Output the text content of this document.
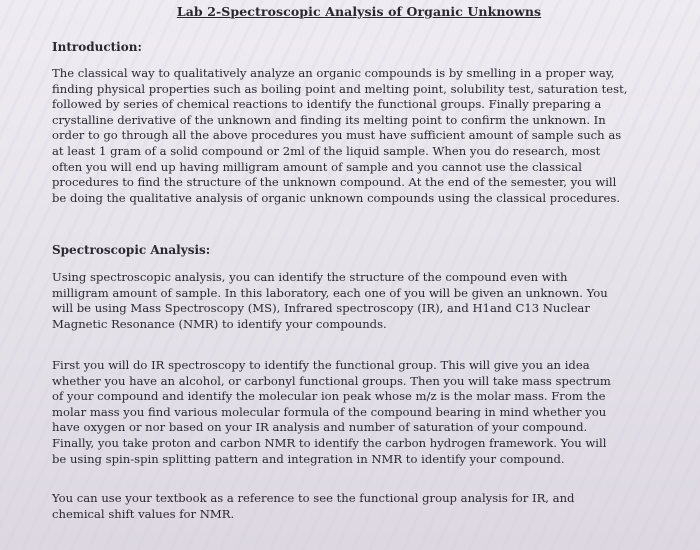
Lab 2-Spectroscopic Analysis of Organic Unknowns
Introduction:
The classical way to qualitatively analyze an organic compounds is by smelling in a proper way,
finding physical properties such as boiling point and melting point, solubility test, saturation test,
followed by series of chemical reactions to identify the functional groups. Finally preparing a
crystalline derivative of the unknown and finding its melting point to confirm the unknown. In
order to go through all the above procedures you must have sufficient amount of sample such as
at least 1 gram of a solid compound or 2ml of the liquid sample. When you do research, most
often you will end up having milligram amount of sample and you cannot use the classical
procedures to find the structure of the unknown compound. At the end of the semester, you will
be doing the qualitative analysis of organic unknown compounds using the classical procedures.
Spectroscopic Analysis:
Using spectroscopic analysis, you can identify the structure of the compound even with
milligram amount of sample. In this laboratory, each one of you will be given an unknown. You
will be using Mass Spectroscopy (MS), Infrared spectroscopy (IR), and H1and C13 Nuclear
Magnetic Resonance (NMR) to identify your compounds.
First you will do IR spectroscopy to identify the functional group. This will give you an idea
whether you have an alcohol, or carbonyl functional groups. Then you will take mass spectrum
of your compound and identify the molecular ion peak whose m/z is the molar mass. From the
molar mass you find various molecular formula of the compound bearing in mind whether you
have oxygen or nor based on your IR analysis and number of saturation of your compound.
Finally, you take proton and carbon NMR to identify the carbon hydrogen framework. You will
be using spin-spin splitting pattern and integration in NMR to identify your compound.
You can use your textbook as a reference to see the functional group analysis for IR, and
chemical shift values for NMR.
